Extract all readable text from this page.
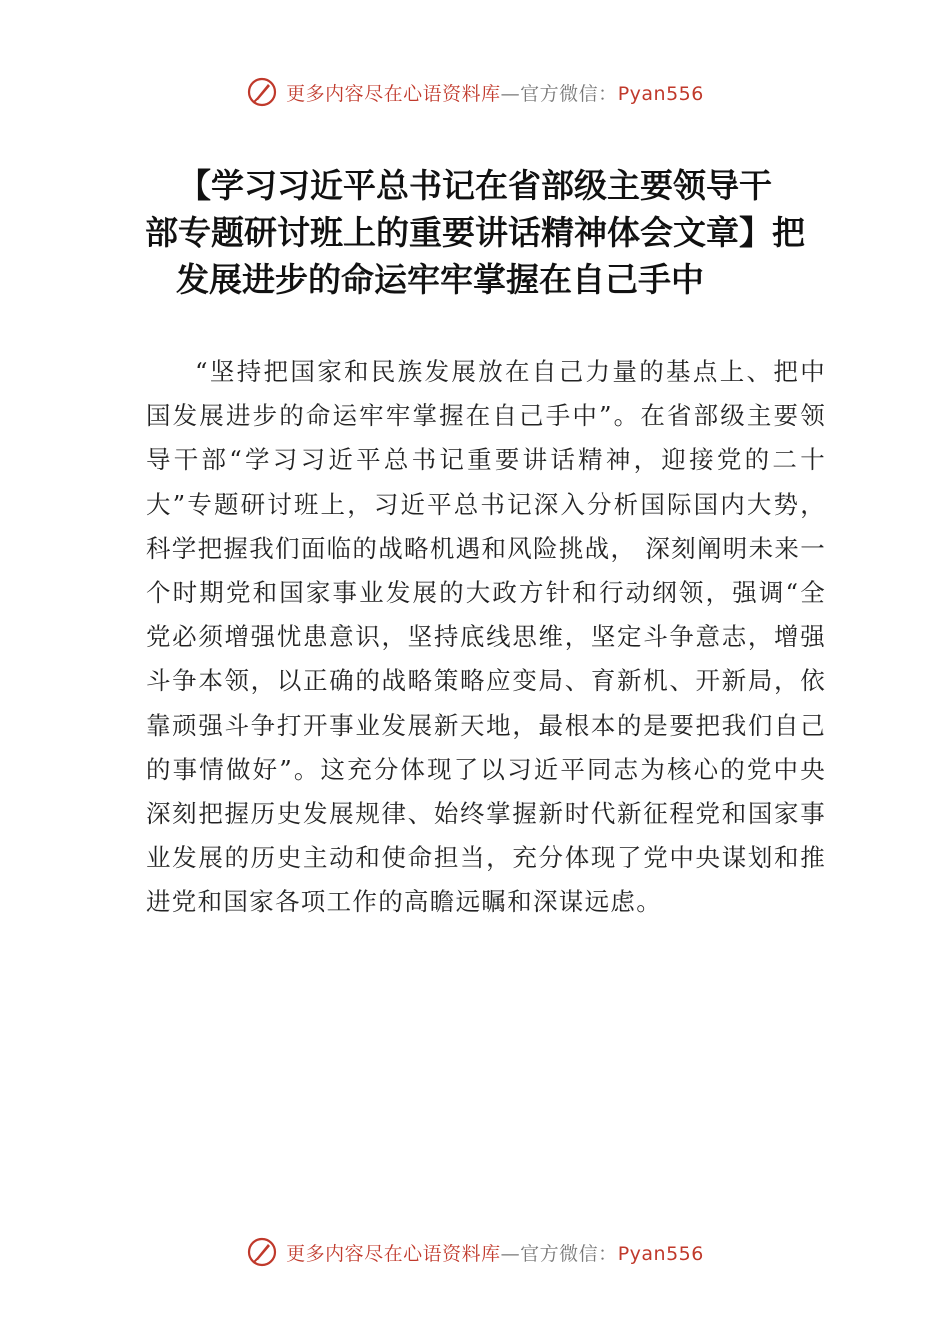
更多内容尽在心语资料库—官方微信：Pyan556
【学习习近平总书记在省部级主要领导干
部专题研讨班上的重要讲话精神体会文章】把
发展进步的命运牢牢掌握在自己手中

“坚持把国家和民族发展放在自己力量的基点上、把中国发展进步的命运牢牢掌握在自己手中”。在省部级主要领导干部“学习习近平总书记重要讲话精神，迎接党的二十大”专题研讨班上，习近平总书记深入分析国际国内大势，科学把握我们面临的战略机遇和风险挑战， 深刻阐明未来一个时期党和国家事业发展的大政方针和行动纲领，强调“全党必须增强忧患意识，坚持底线思维，坚定斗争意志，增强斗争本领，以正确的战略策略应变局、育新机、开新局，依靠顽强斗争打开事业发展新天地，最根本的是要把我们自己的事情做好”。这充分体现了以习近平同志为核心的党中央深刻把握历史发展规律、始终掌握新时代新征程党和国家事业发展的历史主动和使命担当，充分体现了党中央谋划和推进党和国家各项工作的高瞻远瞩和深谋远虑。

更多内容尽在心语资料库—官方微信：Pyan556
